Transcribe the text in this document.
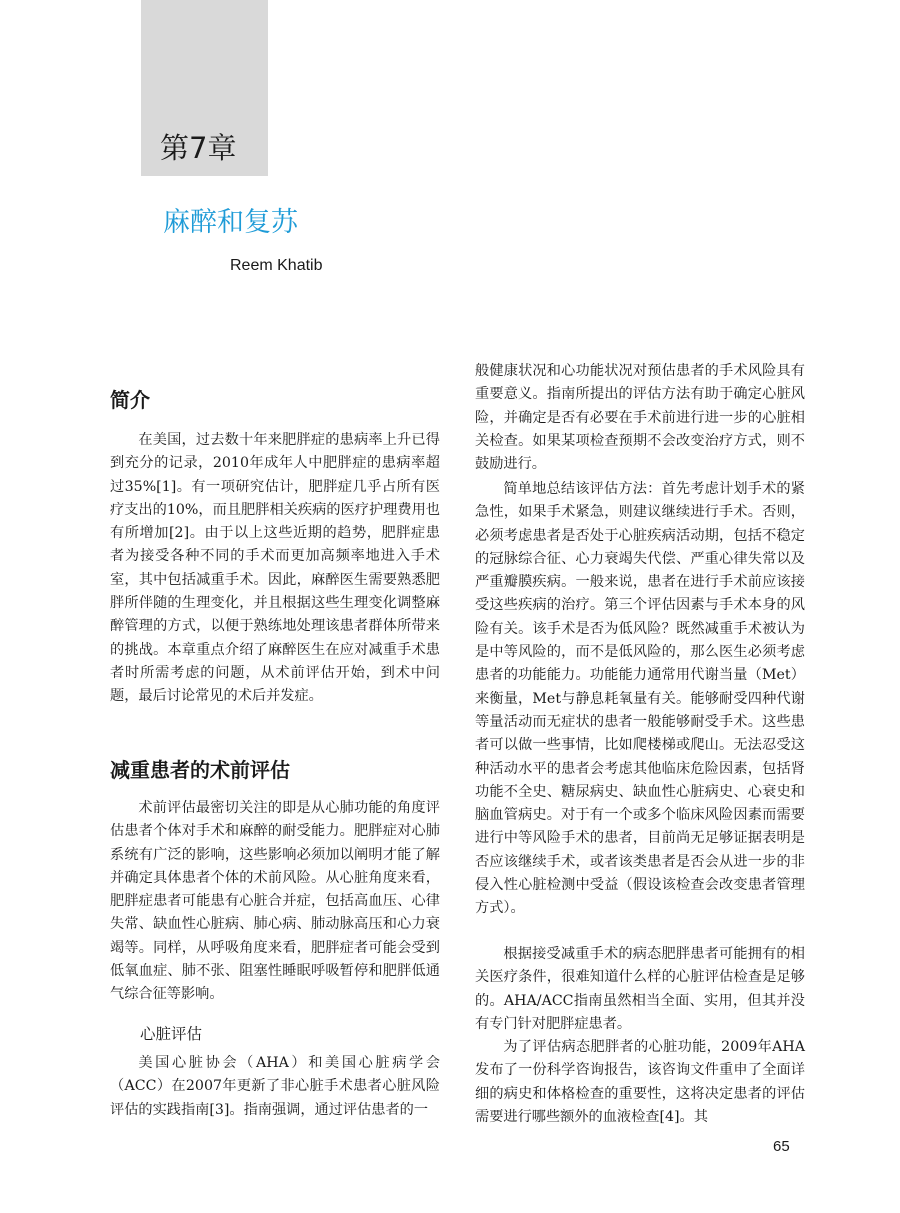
第7章
麻醉和复苏
Reem Khatib
简介

在美国，过去数十年来肥胖症的患病率上升已得到充分的记录，2010年成年人中肥胖症的患病率超过35%[1]。有一项研究估计，肥胖症几乎占所有医疗支出的10%，而且肥胖相关疾病的医疗护理费用也有所增加[2]。由于以上这些近期的趋势，肥胖症患者为接受各种不同的手术而更加高频率地进入手术室，其中包括减重手术。因此，麻醉医生需要熟悉肥胖所伴随的生理变化，并且根据这些生理变化调整麻醉管理的方式，以便于熟练地处理该患者群体所带来的挑战。本章重点介绍了麻醉医生在应对减重手术患者时所需考虑的问题，从术前评估开始，到术中问题，最后讨论常见的术后并发症。

减重患者的术前评估

术前评估最密切关注的即是从心肺功能的角度评估患者个体对手术和麻醉的耐受能力。肥胖症对心肺系统有广泛的影响，这些影响必须加以阐明才能了解并确定具体患者个体的术前风险。从心脏角度来看，肥胖症患者可能患有心脏合并症，包括高血压、心律失常、缺血性心脏病、肺心病、肺动脉高压和心力衰竭等。同样，从呼吸角度来看，肥胖症者可能会受到低氧血症、肺不张、阻塞性睡眠呼吸暂停和肥胖低通气综合征等影响。

心脏评估

美国心脏协会（AHA）和美国心脏病学会（ACC）在2007年更新了非心脏手术患者心脏风险评估的实践指南[3]。指南强调，通过评估患者的一

般健康状况和心功能状况对预估患者的手术风险具有重要意义。指南所提出的评估方法有助于确定心脏风险，并确定是否有必要在手术前进行进一步的心脏相关检查。如果某项检查预期不会改变治疗方式，则不鼓励进行。

简单地总结该评估方法：首先考虑计划手术的紧急性，如果手术紧急，则建议继续进行手术。否则，必须考虑患者是否处于心脏疾病活动期，包括不稳定的冠脉综合征、心力衰竭失代偿、严重心律失常以及严重瓣膜疾病。一般来说，患者在进行手术前应该接受这些疾病的治疗。第三个评估因素与手术本身的风险有关。该手术是否为低风险？既然减重手术被认为是中等风险的，而不是低风险的，那么医生必须考虑患者的功能能力。功能能力通常用代谢当量（Met）来衡量，Met与静息耗氧量有关。能够耐受四种代谢等量活动而无症状的患者一般能够耐受手术。这些患者可以做一些事情，比如爬楼梯或爬山。无法忍受这种活动水平的患者会考虑其他临床危险因素，包括肾功能不全史、糖尿病史、缺血性心脏病史、心衰史和脑血管病史。对于有一个或多个临床风险因素而需要进行中等风险手术的患者，目前尚无足够证据表明是否应该继续手术，或者该类患者是否会从进一步的非侵入性心脏检测中受益（假设该检查会改变患者管理方式）。

根据接受减重手术的病态肥胖患者可能拥有的相关医疗条件，很难知道什么样的心脏评估检查是足够的。AHA/ACC指南虽然相当全面、实用，但其并没有专门针对肥胖症患者。

为了评估病态肥胖者的心脏功能，2009年AHA发布了一份科学咨询报告，该咨询文件重申了全面详细的病史和体格检查的重要性，这将决定患者的评估需要进行哪些额外的血液检查[4]。其

65
